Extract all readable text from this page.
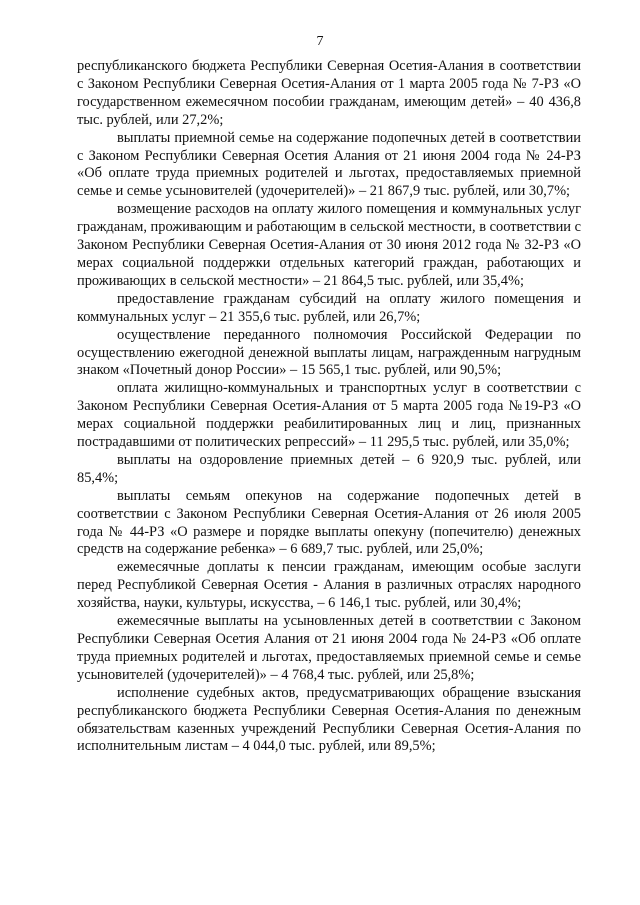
7

республиканского бюджета Республики Северная Осетия-Алания в соответствии с Законом Республики Северная Осетия-Алания от 1 марта 2005 года № 7-РЗ «О государственном ежемесячном пособии гражданам, имеющим детей» – 40 436,8 тыс. рублей, или 27,2%;

выплаты приемной семье на содержание подопечных детей в соответствии с Законом Республики Северная Осетия Алания от 21 июня 2004 года № 24-РЗ «Об оплате труда приемных родителей и льготах, предоставляемых приемной семье и семье усыновителей (удочерителей)» – 21 867,9 тыс. рублей, или 30,7%;

возмещение расходов на оплату жилого помещения и коммунальных услуг гражданам, проживающим и работающим в сельской местности, в соответствии с Законом Республики Северная Осетия-Алания от 30 июня 2012 года № 32-РЗ «О мерах социальной поддержки отдельных категорий граждан, работающих и проживающих в сельской местности» – 21 864,5 тыс. рублей, или 35,4%;

предоставление гражданам субсидий на оплату жилого помещения и коммунальных услуг – 21 355,6 тыс. рублей, или 26,7%;

осуществление переданного полномочия Российской Федерации по осуществлению ежегодной денежной выплаты лицам, награжденным нагрудным знаком «Почетный донор России» – 15 565,1 тыс. рублей, или 90,5%;

оплата жилищно-коммунальных и транспортных услуг в соответствии с Законом Республики Северная Осетия-Алания от 5 марта 2005 года №19-РЗ «О мерах социальной поддержки реабилитированных лиц и лиц, признанных пострадавшими от политических репрессий» – 11 295,5 тыс. рублей, или 35,0%;

выплаты на оздоровление приемных детей – 6 920,9 тыс. рублей, или 85,4%;

выплаты семьям опекунов на содержание подопечных детей в соответствии с Законом Республики Северная Осетия-Алания от 26 июля 2005 года № 44-РЗ «О размере и порядке выплаты опекуну (попечителю) денежных средств на содержание ребенка» – 6 689,7 тыс. рублей, или 25,0%;

ежемесячные доплаты к пенсии гражданам, имеющим особые заслуги перед Республикой Северная Осетия - Алания в различных отраслях народного хозяйства, науки, культуры, искусства, – 6 146,1 тыс. рублей, или 30,4%;

ежемесячные выплаты на усыновленных детей в соответствии с Законом Республики Северная Осетия Алания от 21 июня 2004 года № 24-РЗ «Об оплате труда приемных родителей и льготах, предоставляемых приемной семье и семье усыновителей (удочерителей)» – 4 768,4 тыс. рублей, или 25,8%;

исполнение судебных актов, предусматривающих обращение взыскания республиканского бюджета Республики Северная Осетия-Алания по денежным обязательствам казенных учреждений Республики Северная Осетия-Алания по исполнительным листам – 4 044,0 тыс. рублей, или 89,5%;
